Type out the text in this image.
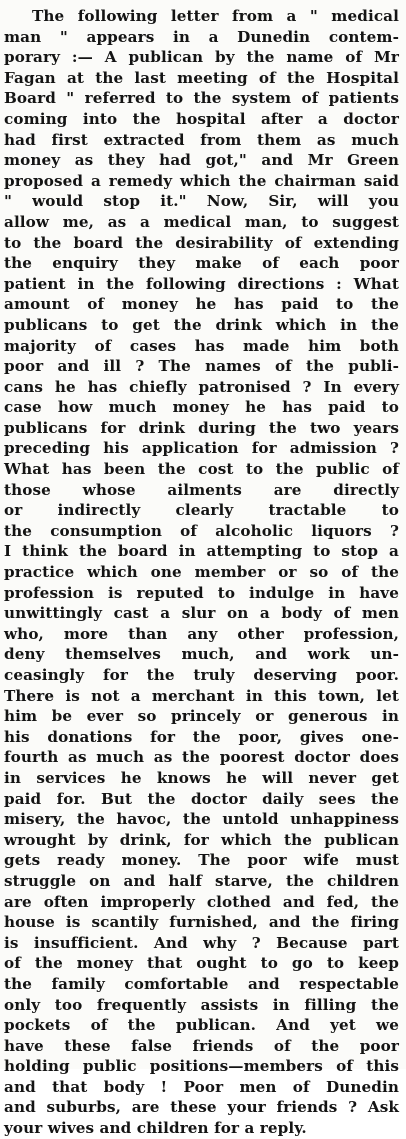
The following letter from a " medical
man " appears in a Dunedin contem-
porary :— A publican by the name of Mr
Fagan at the last meeting of the Hospital
Board " referred to the system of patients
coming into the hospital after a doctor
had first extracted from them as much
money as they had got," and Mr Green
proposed a remedy which the chairman said
" would stop it." Now, Sir, will you
allow me, as a medical man, to suggest
to the board the desirability of extending
the enquiry they make of each poor
patient in the following directions : What
amount of money he has paid to the
publicans to get the drink which in the
majority of cases has made him both
poor and ill ? The names of the publi-
cans he has chiefly patronised ? In every
case how much money he has paid to
publicans for drink during the two years
preceding his application for admission ?
What has been the cost to the public of
those whose ailments are directly
or indirectly clearly tractable to
the consumption of alcoholic liquors ?
I think the board in attempting to stop a
practice which one member or so of the
profession is reputed to indulge in have
unwittingly cast a slur on a body of men
who, more than any other profession,
deny themselves much, and work un-
ceasingly for the truly deserving poor.
There is not a merchant in this town, let
him be ever so princely or generous in
his donations for the poor, gives one-
fourth as much as the poorest doctor does
in services he knows he will never get
paid for. But the doctor daily sees the
misery, the havoc, the untold unhappiness
wrought by drink, for which the publican
gets ready money. The poor wife must
struggle on and half starve, the children
are often improperly clothed and fed, the
house is scantily furnished, and the firing
is insufficient. And why ? Because part
of the money that ought to go to keep
the family comfortable and respectable
only too frequently assists in filling the
pockets of the publican. And yet we
have these false friends of the poor
holding public positions—members of this
and that body ! Poor men of Dunedin
and suburbs, are these your friends ? Ask
your wives and children for a reply.
